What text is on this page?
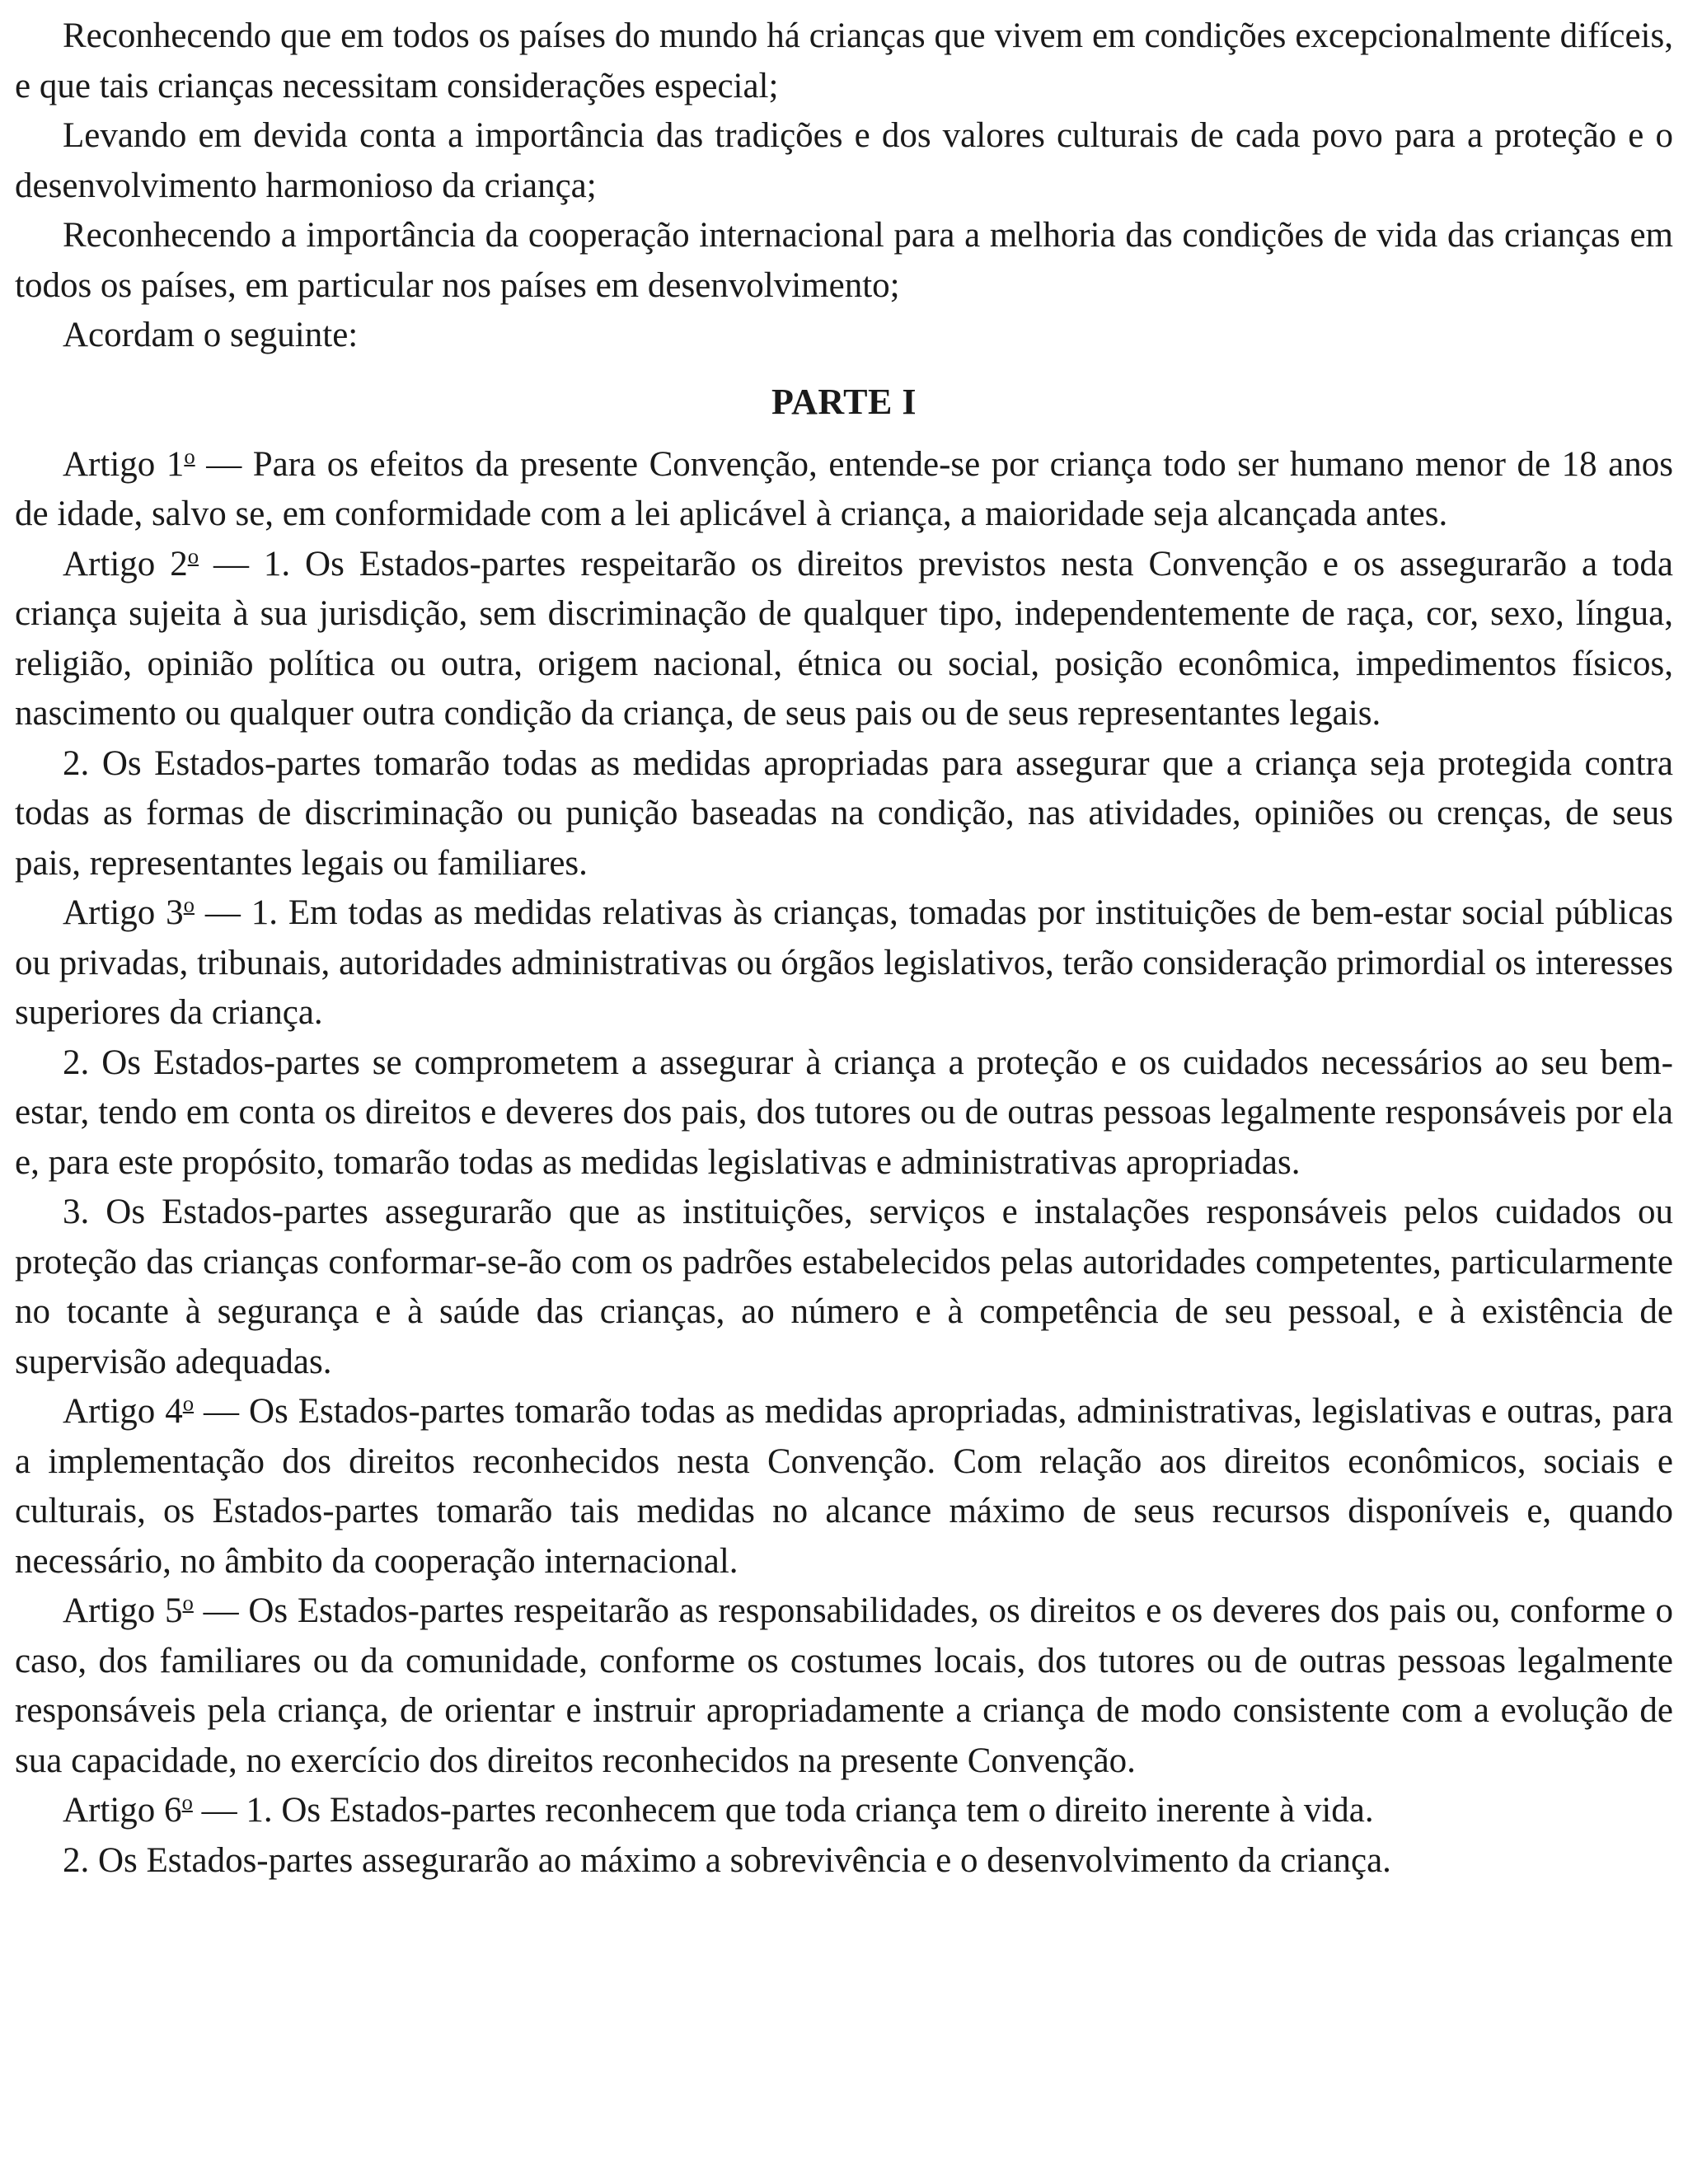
Reconhecendo que em todos os países do mundo há crianças que vivem em condições excepcionalmente difíceis, e que tais crianças necessitam considerações especial;

Levando em devida conta a importância das tradições e dos valores culturais de cada povo para a proteção e o desenvolvimento harmonioso da criança;

Reconhecendo a importância da cooperação internacional para a melhoria das condições de vida das crianças em todos os países, em particular nos países em desenvolvimento;

Acordam o seguinte:

PARTE I

Artigo 1$^o$ — Para os efeitos da presente Convenção, entende-se por criança todo ser humano menor de 18 anos de idade, salvo se, em conformidade com a lei aplicável à criança, a maioridade seja alcançada antes.

Artigo 2$^o$ — 1. Os Estados-partes respeitarão os direitos previstos nesta Convenção e os assegurarão a toda criança sujeita à sua jurisdição, sem discriminação de qualquer tipo, independentemente de raça, cor, sexo, língua, religião, opinião política ou outra, origem nacional, étnica ou social, posição econômica, impedimentos físicos, nascimento ou qualquer outra condição da criança, de seus pais ou de seus representantes legais.

2. Os Estados-partes tomarão todas as medidas apropriadas para assegurar que a criança seja protegida contra todas as formas de discriminação ou punição baseadas na condição, nas atividades, opiniões ou crenças, de seus pais, representantes legais ou familiares.

Artigo 3$^o$ — 1. Em todas as medidas relativas às crianças, tomadas por instituições de bem-estar social públicas ou privadas, tribunais, autoridades administrativas ou órgãos legislativos, terão consideração primordial os interesses superiores da criança.

2. Os Estados-partes se comprometem a assegurar à criança a proteção e os cuidados necessários ao seu bem-estar, tendo em conta os direitos e deveres dos pais, dos tutores ou de outras pessoas legalmente responsáveis por ela e, para este propósito, tomarão todas as medidas legislativas e administrativas apropriadas.

3. Os Estados-partes assegurarão que as instituições, serviços e instalações responsáveis pelos cuidados ou proteção das crianças conformar-se-ão com os padrões estabelecidos pelas autoridades competentes, particularmente no tocante à segurança e à saúde das crianças, ao número e à competência de seu pessoal, e à existência de supervisão adequadas.

Artigo 4$^o$ — Os Estados-partes tomarão todas as medidas apropriadas, administrativas, legislativas e outras, para a implementação dos direitos reconhecidos nesta Convenção. Com relação aos direitos econômicos, sociais e culturais, os Estados-partes tomarão tais medidas no alcance máximo de seus recursos disponíveis e, quando necessário, no âmbito da cooperação internacional.

Artigo 5$^o$ — Os Estados-partes respeitarão as responsabilidades, os direitos e os deveres dos pais ou, conforme o caso, dos familiares ou da comunidade, conforme os costumes locais, dos tutores ou de outras pessoas legalmente responsáveis pela criança, de orientar e instruir apropriadamente a criança de modo consistente com a evolução de sua capacidade, no exercício dos direitos reconhecidos na presente Convenção.

Artigo 6$^o$ — 1. Os Estados-partes reconhecem que toda criança tem o direito inerente à vida.

2. Os Estados-partes assegurarão ao máximo a sobrevivência e o desenvolvimento da criança.
